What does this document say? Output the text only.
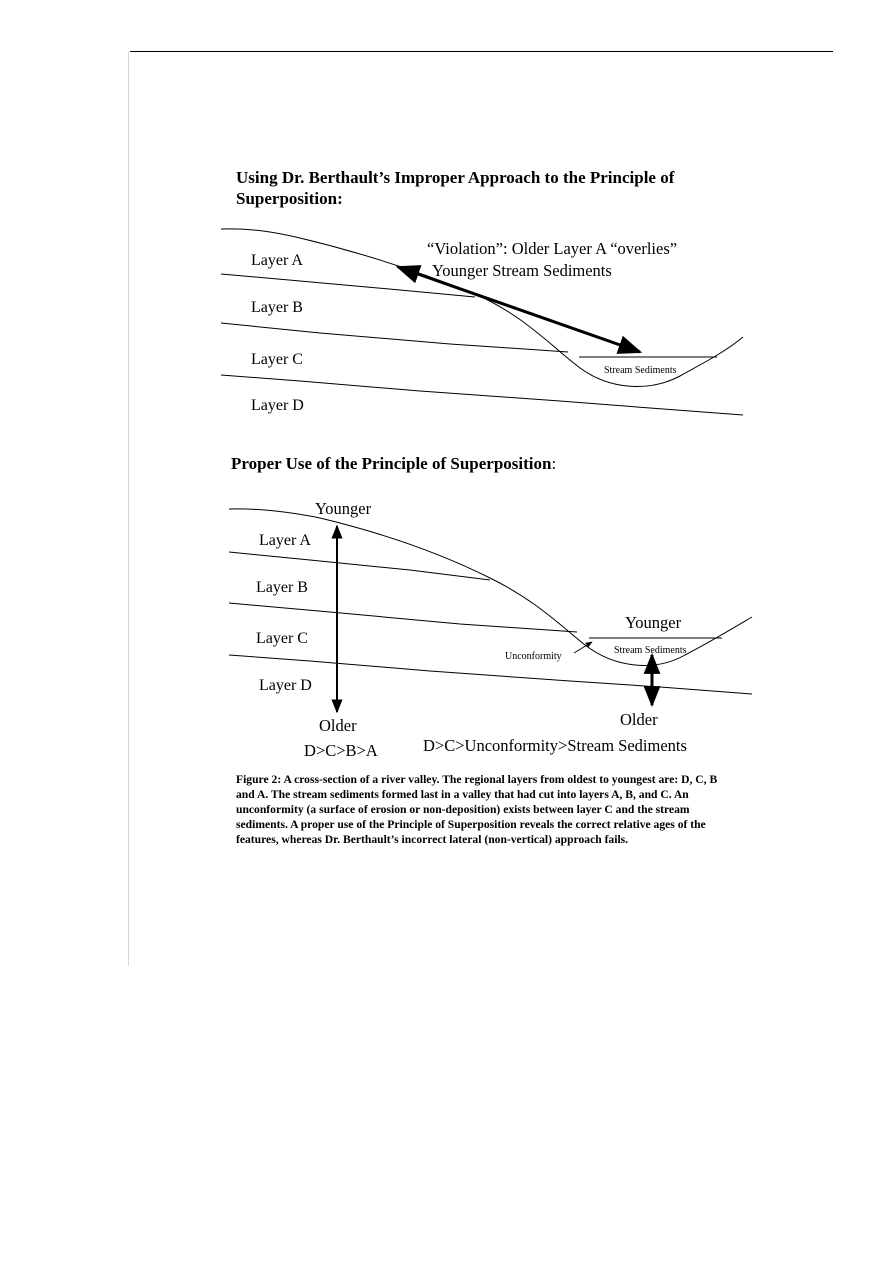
Using Dr. Berthault’s Improper Approach to the Principle of Superposition:
Layer A
Layer B
Layer C
Layer D
“Violation”: Older Layer A “overlies”
Younger Stream Sediments
Stream Sediments
Proper Use of the Principle of Superposition:
Younger
Layer A
Layer B
Layer C
Layer D
Older
D>C>B>A
Younger
Stream Sediments
Unconformity
Older
D>C>Unconformity>Stream Sediments

Figure 2: A cross-section of a river valley. The regional layers from oldest to youngest are: D, C, B and A. The stream sediments formed last in a valley that had cut into layers A, B, and C. An unconformity (a surface of erosion or non-deposition) exists between layer C and the stream sediments. A proper use of the Principle of Superposition reveals the correct relative ages of the features, whereas Dr. Berthault’s incorrect lateral (non-vertical) approach fails.
